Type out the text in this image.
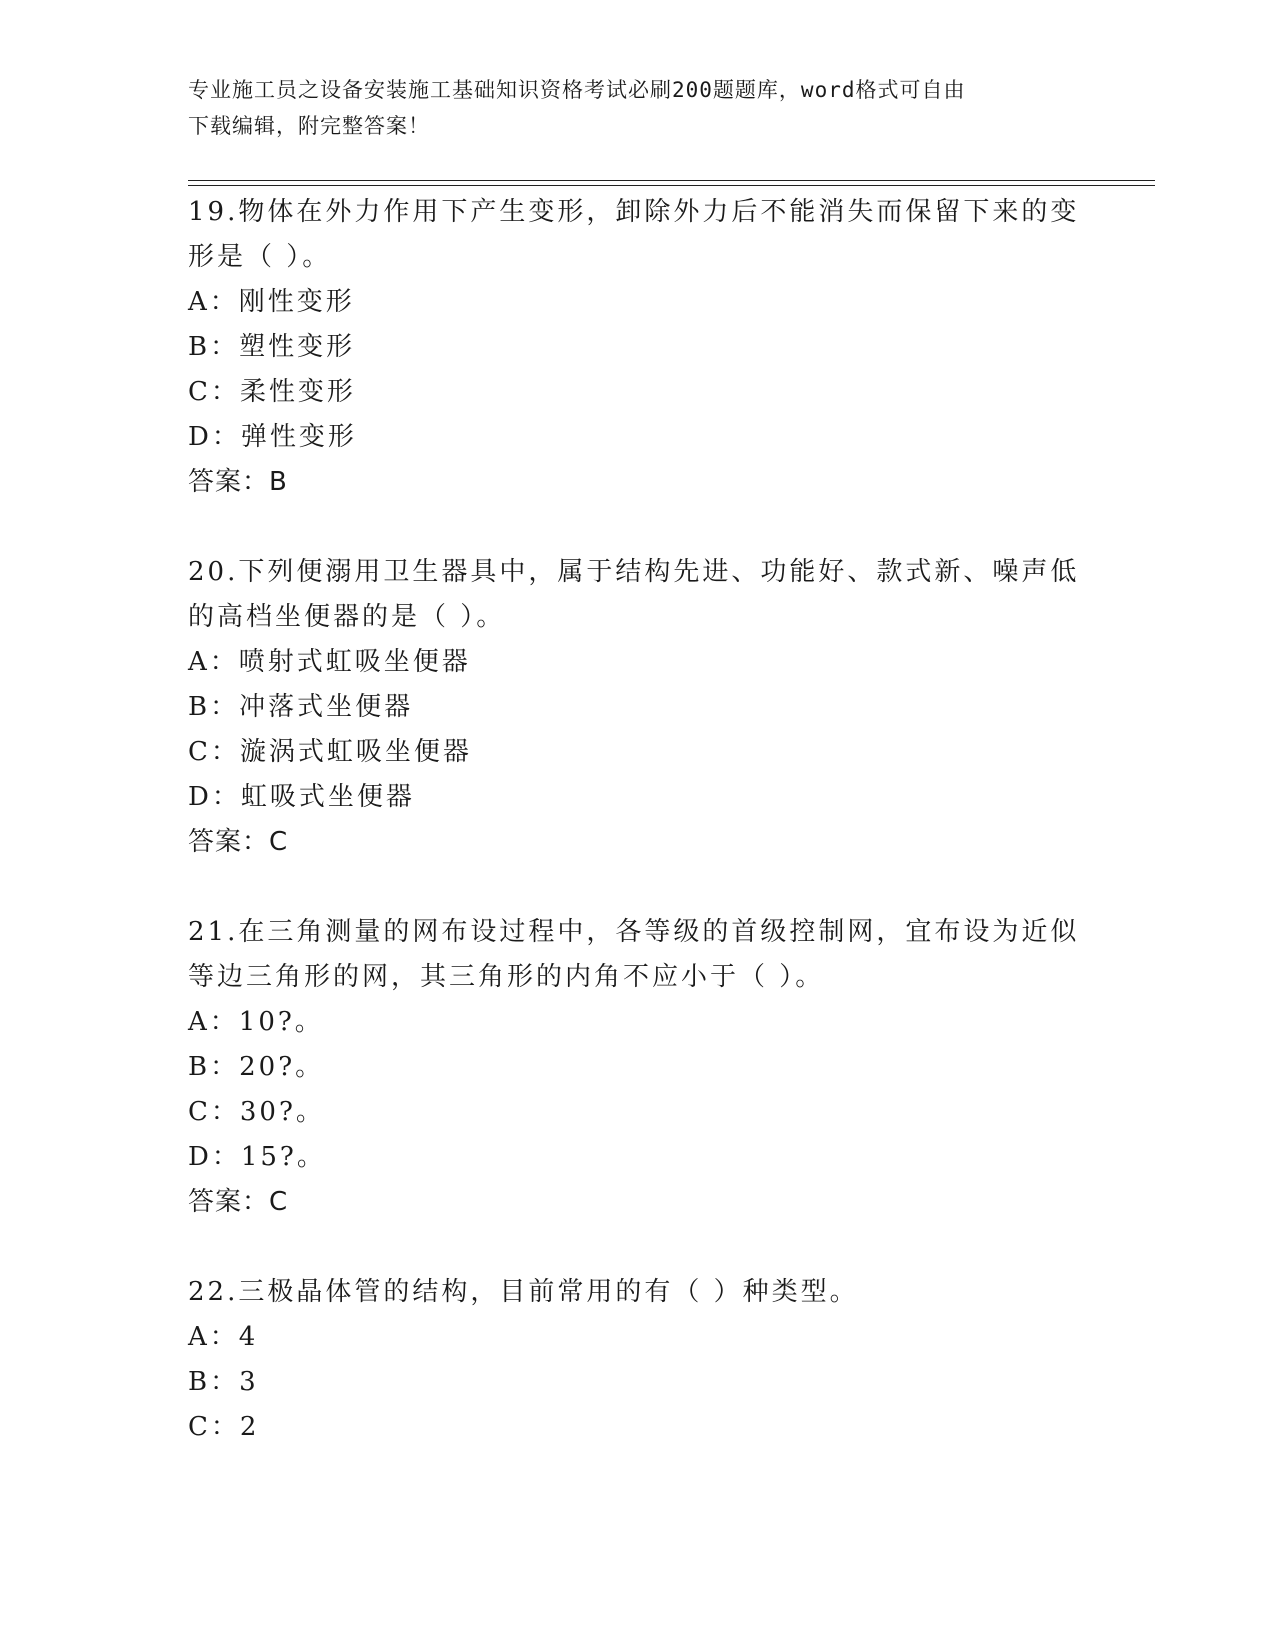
专业施工员之设备安装施工基础知识资格考试必刷200题题库，word格式可自由
下载编辑，附完整答案！
19.物体在外力作用下产生变形，卸除外力后不能消失而保留下来的变
形是（ ）。
A：刚性变形
B：塑性变形
C：柔性变形
D：弹性变形
答案：B
20.下列便溺用卫生器具中，属于结构先进、功能好、款式新、噪声低
的高档坐便器的是（ ）。
A：喷射式虹吸坐便器
B：冲落式坐便器
C：漩涡式虹吸坐便器
D：虹吸式坐便器
答案：C
21.在三角测量的网布设过程中，各等级的首级控制网，宜布设为近似
等边三角形的网，其三角形的内角不应小于（ ）。
A：10?。
B：20?。
C：30?。
D：15?。
答案：C
22.三极晶体管的结构，目前常用的有（ ）种类型。
A：4
B：3
C：2
